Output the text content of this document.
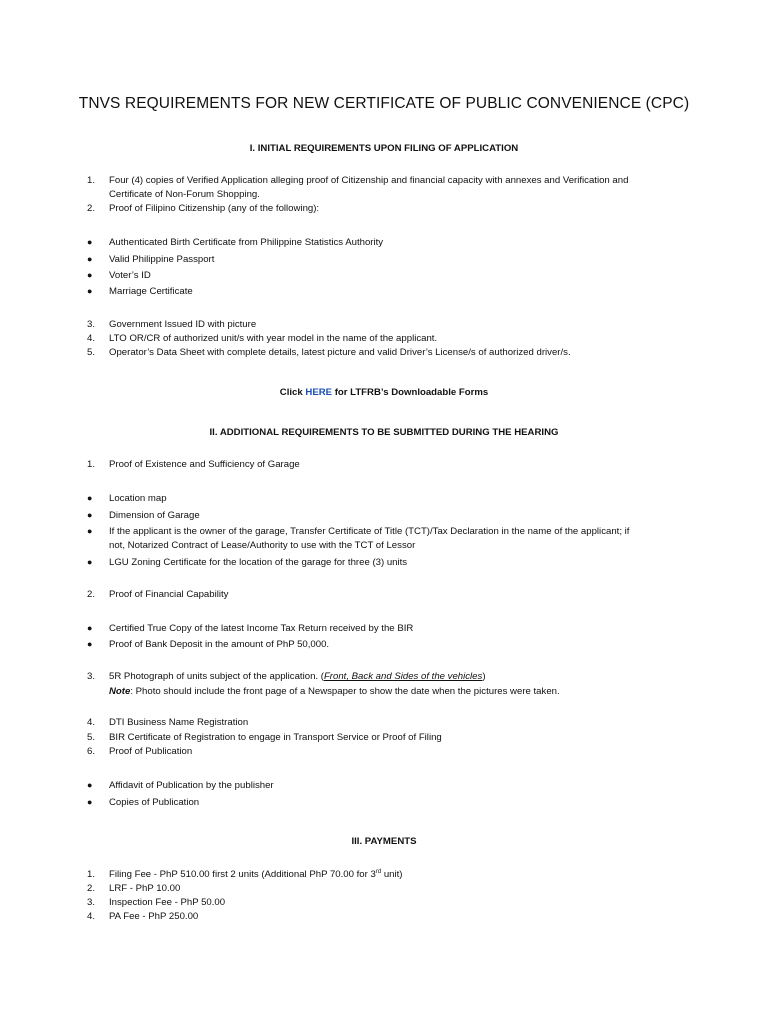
TNVS REQUIREMENTS FOR NEW CERTIFICATE OF PUBLIC CONVENIENCE (CPC)
I. INITIAL REQUIREMENTS UPON FILING OF APPLICATION
1.	Four (4) copies of Verified Application alleging proof of Citizenship and financial capacity with annexes and Verification and
Certificate of Non-Forum Shopping.
2.	Proof of Filipino Citizenship (any of the following):
● Authenticated Birth Certificate from Philippine Statistics Authority
● Valid Philippine Passport
● Voter’s ID
● Marriage Certificate
3.	Government Issued ID with picture
4.	LTO OR/CR of authorized unit/s with year model in the name of the applicant.
5.	Operator’s Data Sheet with complete details, latest picture and valid Driver’s License/s of authorized driver/s.
Click HERE for LTFRB’s Downloadable Forms
II. ADDITIONAL REQUIREMENTS TO BE SUBMITTED DURING THE HEARING
1.	Proof of Existence and Sufficiency of Garage
● Location map
● Dimension of Garage
● If the applicant is the owner of the garage, Transfer Certificate of Title (TCT)/Tax Declaration in the name of the applicant; if
not, Notarized Contract of Lease/Authority to use with the TCT of Lessor
● LGU Zoning Certificate for the location of the garage for three (3) units
2.	Proof of Financial Capability
● Certified True Copy of the latest Income Tax Return received by the BIR
● Proof of Bank Deposit in the amount of PhP 50,000.
3.	5R Photograph of units subject of the application. (Front, Back and Sides of the vehicles)
Note: Photo should include the front page of a Newspaper to show the date when the pictures were taken.
4.	DTI Business Name Registration
5.	BIR Certificate of Registration to engage in Transport Service or Proof of Filing
6.	Proof of Publication
● Affidavit of Publication by the publisher
● Copies of Publication
III. PAYMENTS
1.	Filing Fee - PhP 510.00 first 2 units (Additional PhP 70.00 for 3rd unit)
2.	LRF - PhP 10.00
3.	Inspection Fee - PhP 50.00
4.	PA Fee - PhP 250.00
